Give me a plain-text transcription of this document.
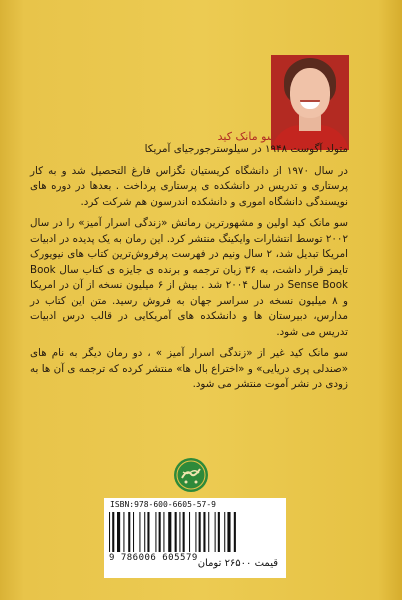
سو مانک کید

متولد آگوست ۱۹۴۸ در سیلوسترجورجیای آمریکا

در سال ۱۹۷۰ از دانشگاه کریستیان تگزاس فارغ التحصیل شد و به کار پرستاری و تدریس در دانشکده ی پرستاری پرداخت . بعدها در دوره های نویسندگی دانشگاه اموری و دانشکده اندرسون هم شرکت کرد.

سو مانک کید اولین و مشهورترین رمانش «زندگی اسرار آمیز» را در سال ۲۰۰۲ توسط انتشارات وایکینگ منتشر کرد. این رمان به یک پدیده در ادبیات امریکا تبدیل شد، ۲ سال ونیم در فهرست پرفروش‌ترین کتاب های نیویورک تایمز قرار داشت، به ۳۶ زبان ترجمه و برنده ی جایزه ی کتاب سال Book Sense Book در سال ۲۰۰۴ شد . بیش از ۶ میلیون نسخه از آن در امریکا و ۸ میلیون نسخه در سراسر جهان به فروش رسید. متن این کتاب در مدارس، دبیرستان ها و دانشکده های آمریکایی در قالب درس ادبیات تدریس می شود.

سو مانک کید غیر از «زندگی اسرار آمیز » ، دو رمان دیگر به نام های «صندلی پری دریایی» و «اختراع بال ها» منتشر کرده که ترجمه ی آن ها به زودی در نشر آموت منتشر می شود.

ISBN:978-600-6605-57-9
9 786006 605579 قیمت ۲۶۵۰۰ تومان
